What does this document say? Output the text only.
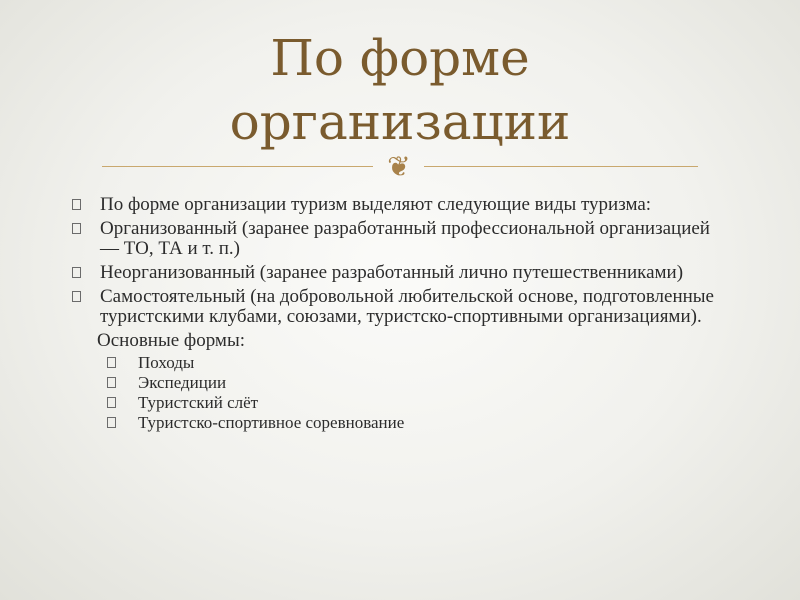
По форме
организации
❦
По форме организации туризм выделяют следующие виды туризма:
Организованный (заранее разработанный профессиональной организацией — ТО, ТА и т. п.)
Неорганизованный (заранее разработанный лично путешественниками)
Самостоятельный (на добровольной любительской основе, подготовленные туристскими клубами, союзами, туристско-спортивными организациями).
Основные формы:
Походы
Экспедиции
Туристский слёт
Туристско-спортивное соревнование
